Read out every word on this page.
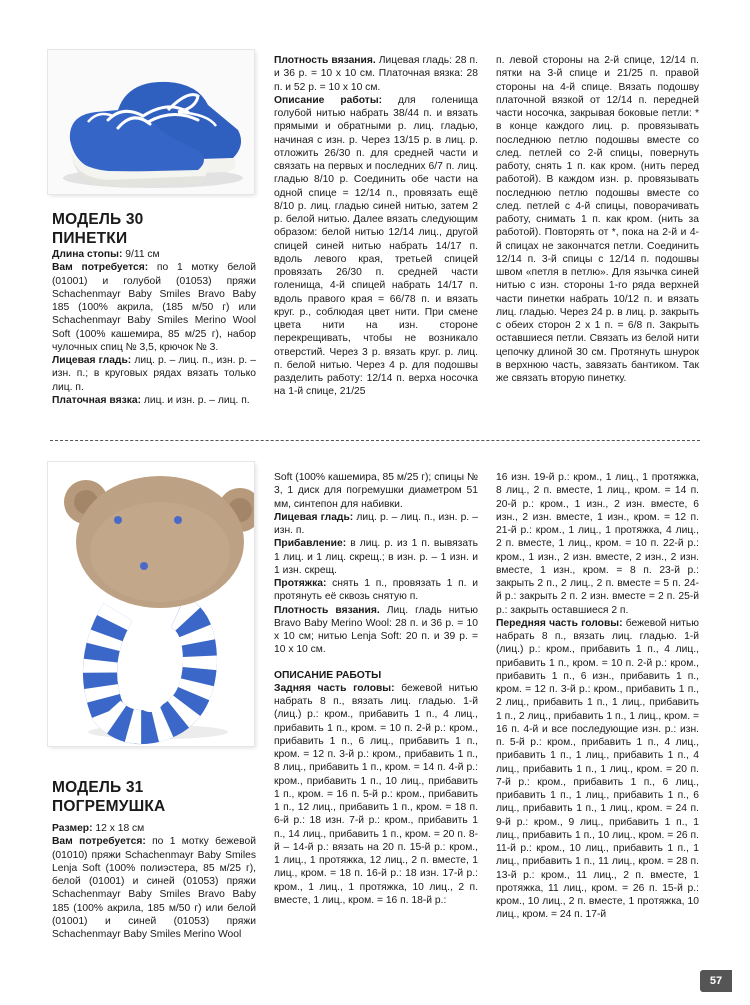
МОДЕЛЬ 30
ПИНЕТКИ

Длина стопы: 9/11 см

Вам потребуется: по 1 мотку белой (01001) и голубой (01053) пряжи Schachenmayr Baby Smiles Bravo Baby 185 (100% акрила, (185 м/50 г) или Schachenmayr Baby Smiles Merino Wool Soft (100% кашемира, 85 м/25 г), набор чулочных спиц № 3,5, крючок № 3.

Лицевая гладь: лиц. р. – лиц. п., изн. р. – изн. п.; в круговых рядах вязать только лиц. п.

Платочная вязка: лиц. и изн. р. – лиц. п.

Плотность вязания. Лицевая гладь: 28 п. и 36 р. = 10 x 10 см. Платочная вязка: 28 п. и 52 р. = 10 x 10 см.

Описание работы: для голенища голубой нитью набрать 38/44 п. и вязать прямыми и обратными р. лиц. гладью, начиная с изн. р. Через 13/15 р. в лиц. р. отложить 26/30 п. для средней части и связать на первых и последних 6/7 п. лиц. гладью 8/10 р. Соединить обе части на одной спице = 12/14 п., провязать ещё 8/10 р. лиц. гладью синей нитью, затем 2 р. белой нитью. Далее вязать следующим образом: белой нитью 12/14 лиц., другой спицей синей нитью набрать 14/17 п. вдоль левого края, третьей спицей провязать 26/30 п. средней части голенища, 4-й спицей набрать 14/17 п. вдоль правого края = 66/78 п. и вязать круг. р., соблюдая цвет нити. При смене цвета нити на изн. стороне перекрещивать, чтобы не возникало отверстий. Через 3 р. вязать круг. р. лиц. п. белой нитью. Через 4 р. для подошвы разделить работу: 12/14 п. верха носочка на 1-й спице, 21/25

п. левой стороны на 2-й спице, 12/14 п. пятки на 3-й спице и 21/25 п. правой стороны на 4-й спице. Вязать подошву платочной вязкой от 12/14 п. передней части носочка, закрывая боковые петли: * в конце каждого лиц. р. провязывать последнюю петлю подошвы вместе со след. петлей со 2-й спицы, повернуть работу, снять 1 п. как кром. (нить перед работой). В каждом изн. р. провязывать последнюю петлю подошвы вместе со след. петлей с 4-й спицы, поворачивать работу, снимать 1 п. как кром. (нить за работой). Повторять от *, пока на 2-й и 4-й спицах не закончатся петли. Соединить 12/14 п. 3-й спицы с 12/14 п. подошвы швом «петля в петлю». Для язычка синей нитью с изн. стороны 1-го ряда верхней части пинетки набрать 10/12 п. и вязать лиц. гладью. Через 24 р. в лиц. р. закрыть с обеих сторон 2 x 1 п. = 6/8 п. Закрыть оставшиеся петли. Связать из белой нити цепочку длиной 30 см. Протянуть шнурок в верхнюю часть, завязать бантиком. Так же связать вторую пинетку.

МОДЕЛЬ 31
ПОГРЕМУШКА

Размер: 12 x 18 см

Вам потребуется: по 1 мотку бежевой (01010) пряжи Schachenmayr Baby Smiles Lenja Soft (100% полиэстера, 85 м/25 г), белой (01001) и синей (01053) пряжи Schachenmayr Baby Smiles Bravo Baby 185 (100% акрила, 185 м/50 г) или белой (01001) и синей (01053) пряжи Schachenmayr Baby Smiles Merino Wool

Soft (100% кашемира, 85 м/25 г); спицы № 3, 1 диск для погремушки диаметром 51 мм, синтепон для набивки.

Лицевая гладь: лиц. р. – лиц. п., изн. р. – изн. п.

Прибавление: в лиц. р. из 1 п. вывязать 1 лиц. и 1 лиц. скрещ.; в изн. р. – 1 изн. и 1 изн. скрещ.

Протяжка: снять 1 п., провязать 1 п. и протянуть её сквозь снятую п.

Плотность вязания. Лиц. гладь нитью Bravo Baby Merino Wool: 28 п. и 36 р. = 10 x 10 см; нитью Lenja Soft: 20 п. и 39 р. = 10 x 10 см.

ОПИСАНИЕ РАБОТЫ

Задняя часть головы: бежевой нитью набрать 8 п., вязать лиц. гладью. 1-й (лиц.) р.: кром., прибавить 1 п., 4 лиц., прибавить 1 п., кром. = 10 п. 2-й р.: кром., прибавить 1 п., 6 лиц., прибавить 1 п., кром. = 12 п. 3-й р.: кром., прибавить 1 п., 8 лиц., прибавить 1 п., кром. = 14 п. 4-й р.: кром., прибавить 1 п., 10 лиц., прибавить 1 п., кром. = 16 п. 5-й р.: кром., прибавить 1 п., 12 лиц., прибавить 1 п., кром. = 18 п. 6-й р.: 18 изн. 7-й р.: кром., прибавить 1 п., 14 лиц., прибавить 1 п., кром. = 20 п. 8-й – 14-й р.: вязать на 20 п. 15-й р.: кром., 1 лиц., 1 протяжка, 12 лиц., 2 п. вместе, 1 лиц., кром. = 18 п. 16-й р.: 18 изн. 17-й р.: кром., 1 лиц., 1 протяжка, 10 лиц., 2 п. вместе, 1 лиц., кром. = 16 п. 18-й р.:

16 изн. 19-й р.: кром., 1 лиц., 1 протяжка, 8 лиц., 2 п. вместе, 1 лиц., кром. = 14 п. 20-й р.: кром., 1 изн., 2 изн. вместе, 6 изн., 2 изн. вместе, 1 изн., кром. = 12 п. 21-й р.: кром., 1 лиц., 1 протяжка, 4 лиц., 2 п. вместе, 1 лиц., кром. = 10 п. 22-й р.: кром., 1 изн., 2 изн. вместе, 2 изн., 2 изн. вместе, 1 изн., кром. = 8 п. 23-й р.: закрыть 2 п., 2 лиц., 2 п. вместе = 5 п. 24-й р.: закрыть 2 п. 2 изн. вместе = 2 п. 25-й р.: закрыть оставшиеся 2 п.

Передняя часть головы: бежевой нитью набрать 8 п., вязать лиц. гладью. 1-й (лиц.) р.: кром., прибавить 1 п., 4 лиц., прибавить 1 п., кром. = 10 п. 2-й р.: кром., прибавить 1 п., 6 изн., прибавить 1 п., кром. = 12 п. 3-й р.: кром., прибавить 1 п., 2 лиц., прибавить 1 п., 1 лиц., прибавить 1 п., 2 лиц., прибавить 1 п., 1 лиц., кром. = 16 п. 4-й и все последующие изн. р.: изн. п. 5-й р.: кром., прибавить 1 п., 4 лиц., прибавить 1 п., 1 лиц., прибавить 1 п., 4 лиц., прибавить 1 п., 1 лиц., кром. = 20 п. 7-й р.: кром., прибавить 1 п., 6 лиц., прибавить 1 п., 1 лиц., прибавить 1 п., 6 лиц., прибавить 1 п., 1 лиц., кром. = 24 п. 9-й р.: кром., 9 лиц., прибавить 1 п., 1 лиц., прибавить 1 п., 10 лиц., кром. = 26 п. 11-й р.: кром., 10 лиц., прибавить 1 п., 1 лиц., прибавить 1 п., 11 лиц., кром. = 28 п. 13-й р.: кром., 11 лиц., 2 п. вместе, 1 протяжка, 11 лиц., кром. = 26 п. 15-й р.: кром., 10 лиц., 2 п. вместе, 1 протяжка, 10 лиц., кром. = 24 п. 17-й

57
